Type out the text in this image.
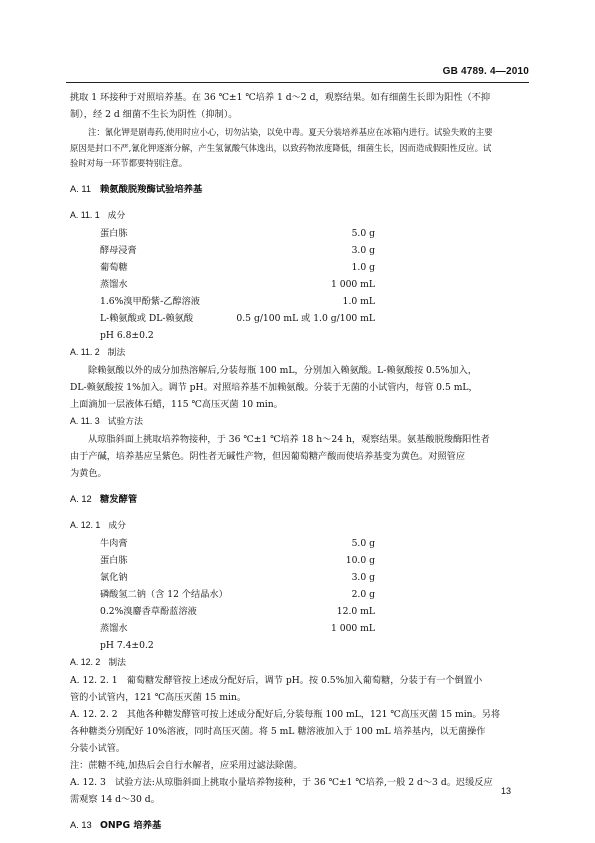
GB 4789. 4—2010

挑取 1 环接种于对照培养基。在 36 ℃±1 ℃培养 1 d～2 d，观察结果。如有细菌生长即为阳性（不抑

制），经 2 d 细菌不生长为阴性（抑制）。

注：氰化钾是剧毒药,使用时应小心，切勿沾染，以免中毒。夏天分装培养基应在冰箱内进行。试验失败的主要

原因是封口不严,氰化钾逐渐分解，产生氢氰酸气体逸出，以致药物浓度降低，细菌生长，因而造成假阳性反应。试

验时对每一环节都要特别注意。

A. 11 赖氨酸脱羧酶试验培养基

A. 11. 1 成分

蛋白胨	5.0 g
酵母浸膏	3.0 g
葡萄糖	1.0 g
蒸馏水	1 000 mL
1.6%溴甲酚紫-乙醇溶液	1.0 mL
L-赖氨酸或 DL-赖氨酸	0.5 g/100 mL 或 1.0 g/100 mL
pH 6.8±0.2

A. 11. 2 制法

除赖氨酸以外的成分加热溶解后,分装每瓶 100 mL，分别加入赖氨酸。L-赖氨酸按 0.5%加入，

DL-赖氨酸按 1%加入。调节 pH。对照培养基不加赖氨酸。分装于无菌的小试管内，每管 0.5 mL，

上面滴加一层液体石蜡，115 ℃高压灭菌 10 min。

A. 11. 3 试验方法

从琼脂斜面上挑取培养物接种，于 36 ℃±1 ℃培养 18 h～24 h，观察结果。氨基酸脱羧酶阳性者

由于产碱，培养基应呈紫色。阴性者无碱性产物，但因葡萄糖产酸而使培养基变为黄色。对照管应

为黄色。

A. 12 糖发酵管

A. 12. 1 成分

牛肉膏	5.0 g
蛋白胨	10.0 g
氯化钠	3.0 g
磷酸氢二钠（含 12 个结晶水）	2.0 g
0.2%溴麝香草酚蓝溶液	12.0 mL
蒸馏水	1 000 mL
pH 7.4±0.2

A. 12. 2 制法

A. 12. 2. 1　葡萄糖发酵管按上述成分配好后，调节 pH。按 0.5%加入葡萄糖，分装于有一个倒置小

管的小试管内，121 ℃高压灭菌 15 min。

A. 12. 2. 2　其他各种糖发酵管可按上述成分配好后,分装每瓶 100 mL，121 ℃高压灭菌 15 min。另将

各种糖类分别配好 10%溶液，同时高压灭菌。将 5 mL 糖溶液加入于 100 mL 培养基内，以无菌操作

分装小试管。

注：蔗糖不纯,加热后会自行水解者，应采用过滤法除菌。

A. 12. 3　试验方法:从琼脂斜面上挑取小量培养物接种，于 36 ℃±1 ℃培养,一般 2 d～3 d。迟缓反应

需观察 14 d～30 d。

A. 13 ONPG 培养基

13
